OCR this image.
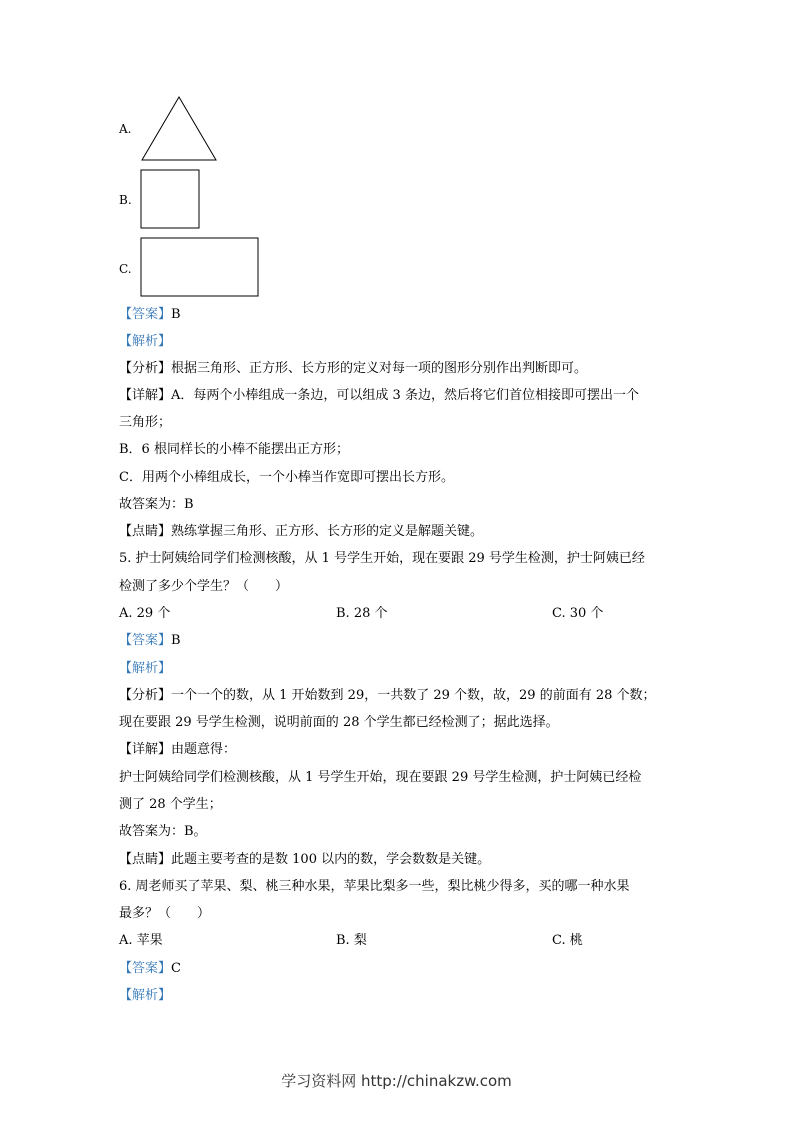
A.
B.
C.
【答案】B
【解析】
【分析】根据三角形、正方形、长方形的定义对每一项的图形分别作出判断即可。
【详解】A．每两个小棒组成一条边，可以组成 3 条边，然后将它们首位相接即可摆出一个
三角形；
B．6 根同样长的小棒不能摆出正方形；
C．用两个小棒组成长，一个小棒当作宽即可摆出长方形。
故答案为：B
【点睛】熟练掌握三角形、正方形、长方形的定义是解题关键。
5. 护士阿姨给同学们检测核酸，从 1 号学生开始，现在要跟 29 号学生检测，护士阿姨已经
检测了多少个学生？（　　）
A. 29 个	B. 28 个	C. 30 个
【答案】B
【解析】
【分析】一个一个的数，从 1 开始数到 29，一共数了 29 个数，故，29 的前面有 28 个数；
现在要跟 29 号学生检测，说明前面的 28 个学生都已经检测了；据此选择。
【详解】由题意得：
护士阿姨给同学们检测核酸，从 1 号学生开始，现在要跟 29 号学生检测，护士阿姨已经检
测了 28 个学生；
故答案为：B。
【点睛】此题主要考查的是数 100 以内的数，学会数数是关键。
6. 周老师买了苹果、梨、桃三种水果，苹果比梨多一些，梨比桃少得多，买的哪一种水果
最多？（　　）
A. 苹果	B. 梨	C. 桃
【答案】C
【解析】
学习资料网 http://chinakzw.com
